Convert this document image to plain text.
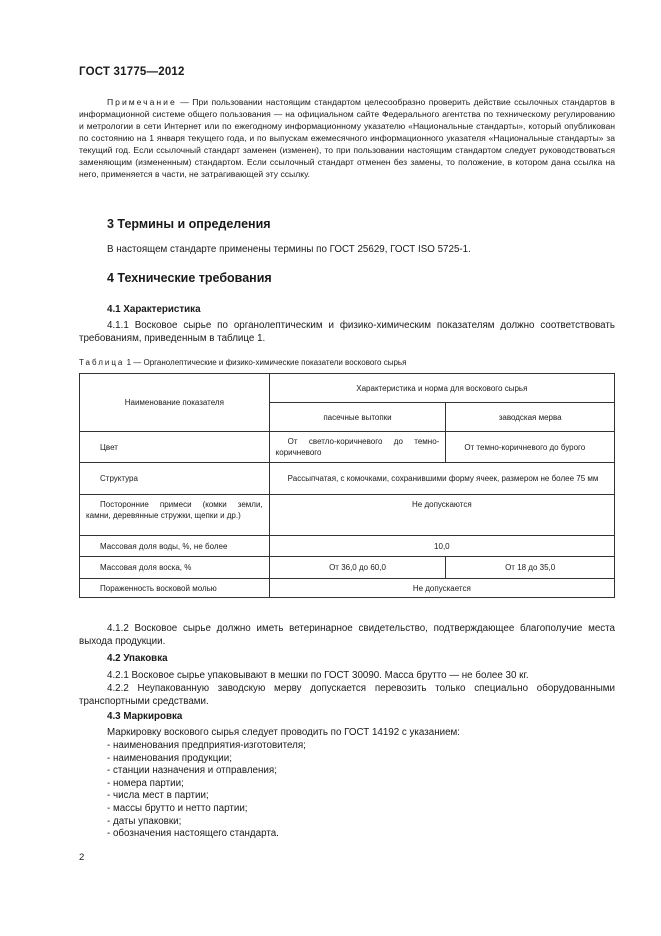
ГОСТ 31775—2012
Примечание — При пользовании настоящим стандартом целесообразно проверить действие ссылочных стандартов в информационной системе общего пользования — на официальном сайте Федерального агентства по техническому регулированию и метрологии в сети Интернет или по ежегодному информационному указателю «Национальные стандарты», который опубликован по состоянию на 1 января текущего года, и по выпускам ежемесячного информационного указателя «Национальные стандарты» за текущий год. Если ссылочный стандарт заменен (изменен), то при пользовании настоящим стандартом следует руководствоваться заменяющим (измененным) стандартом. Если ссылочный стандарт отменен без замены, то положение, в котором дана ссылка на него, применяется в части, не затрагивающей эту ссылку.
3 Термины и определения
В настоящем стандарте применены термины по ГОСТ 25629, ГОСТ ISO 5725-1.
4 Технические требования
4.1 Характеристика
4.1.1 Восковое сырье по органолептическим и физико-химическим показателям должно соответствовать требованиям, приведенным в таблице 1.
Таблица 1 — Органолептические и физико-химические показатели воскового сырья
Наименование показателя	Характеристика и норма для воскового сырья	
	пасечные вытопки	заводская мерва
Цвет	От светло-коричневого до темно-коричневого	От темно-коричневого до бурого
Структура	Рассыпчатая, с комочками, сохранившими форму ячеек, размером не более 75 мм	
Посторонние примеси (комки земли, камни, деревянные стружки, щепки и др.)	Не допускаются	
Массовая доля воды, %, не более	10,0	
Массовая доля воска, %	От 36,0 до 60,0	От 18 до 35,0
Пораженность восковой молью	Не допускается	
4.1.2 Восковое сырье должно иметь ветеринарное свидетельство, подтверждающее благополучие места выхода продукции.
4.2 Упаковка
4.2.1 Восковое сырье упаковывают в мешки по ГОСТ 30090. Масса брутто — не более 30 кг.
4.2.2 Неупакованную заводскую мерву допускается перевозить только специально оборудованными транспортными средствами.
4.3 Маркировка
Маркировку воскового сырья следует проводить по ГОСТ 14192 с указанием:
- наименования предприятия-изготовителя;
- наименования продукции;
- станции назначения и отправления;
- номера партии;
- числа мест в партии;
- массы брутто и нетто партии;
- даты упаковки;
- обозначения настоящего стандарта.
2
